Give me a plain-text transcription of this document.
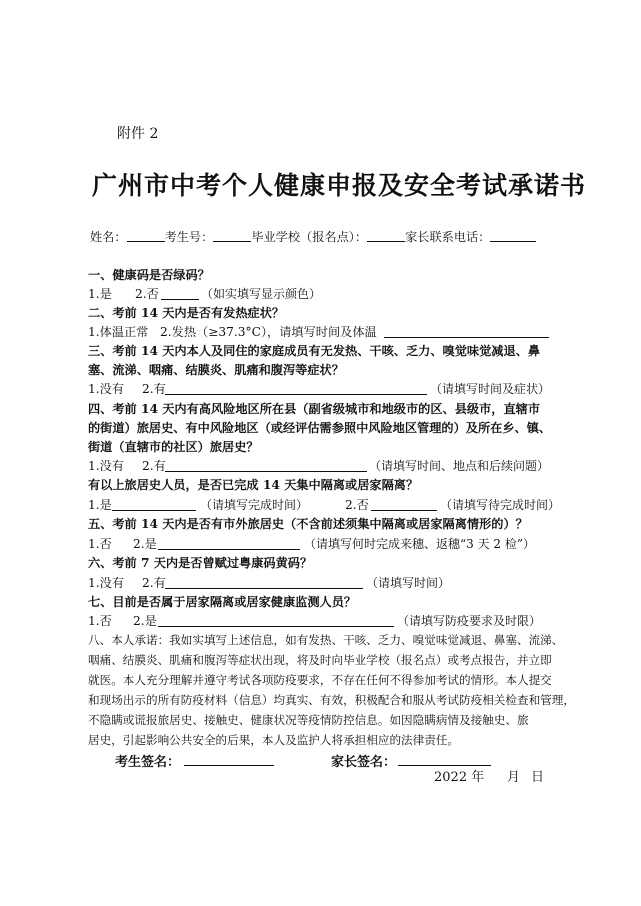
附件 2
广州市中考个人健康申报及安全考试承诺书
姓名：	考生号：	毕业学校（报名点）：	家长联系电话：
一、健康码是否绿码？
1.是 2.否	（如实填写显示颜色）
二、考前 14 天内是否有发热症状？
1.体温正常 2.发热（≥37.3°C），请填写时间及体温
三、考前 14 天内本人及同住的家庭成员有无发热、干咳、乏力、嗅觉味觉减退、鼻
塞、流涕、咽痛、结膜炎、肌痛和腹泻等症状？
1.没有 2.有	（请填写时间及症状）
四、考前 14 天内有高风险地区所在县（副省级城市和地级市的区、县级市，直辖市
的街道）旅居史、有中风险地区（或经评估需参照中风险地区管理的）及所在乡、镇、
街道（直辖市的社区）旅居史？
1.没有 2.有	（请填写时间、地点和后续问题）
有以上旅居史人员，是否已完成 14 天集中隔离或居家隔离？
1.是	（请填写完成时间）	2.否	（请填写待完成时间）
五、考前 14 天内是否有市外旅居史（不含前述须集中隔离或居家隔离情形的）？
1.否 2.是	（请填写何时完成来穗、返穗“3 天 2 检”）
六、考前 7 天内是否曾赋过粤康码黄码？
1.没有 2.有	（请填写时间）
七、目前是否属于居家隔离或居家健康监测人员？
1.否 2.是	（请填写防疫要求及时限）
八、本人承诺：我如实填写上述信息，如有发热、干咳、乏力、嗅觉味觉减退、鼻塞、流涕、
咽痛、结膜炎、肌痛和腹泻等症状出现，将及时向毕业学校（报名点）或考点报告，并立即
就医。本人充分理解并遵守考试各项防疫要求，不存在任何不得参加考试的情形。本人提交
和现场出示的所有防疫材料（信息）均真实、有效，积极配合和服从考试防疫相关检查和管理，
不隐瞒或谎报旅居史、接触史、健康状况等疫情防控信息。如因隐瞒病情及接触史、旅
居史，引起影响公共安全的后果，本人及监护人将承担相应的法律责任。
考生签名：	家长签名：
2022 年 月 日
